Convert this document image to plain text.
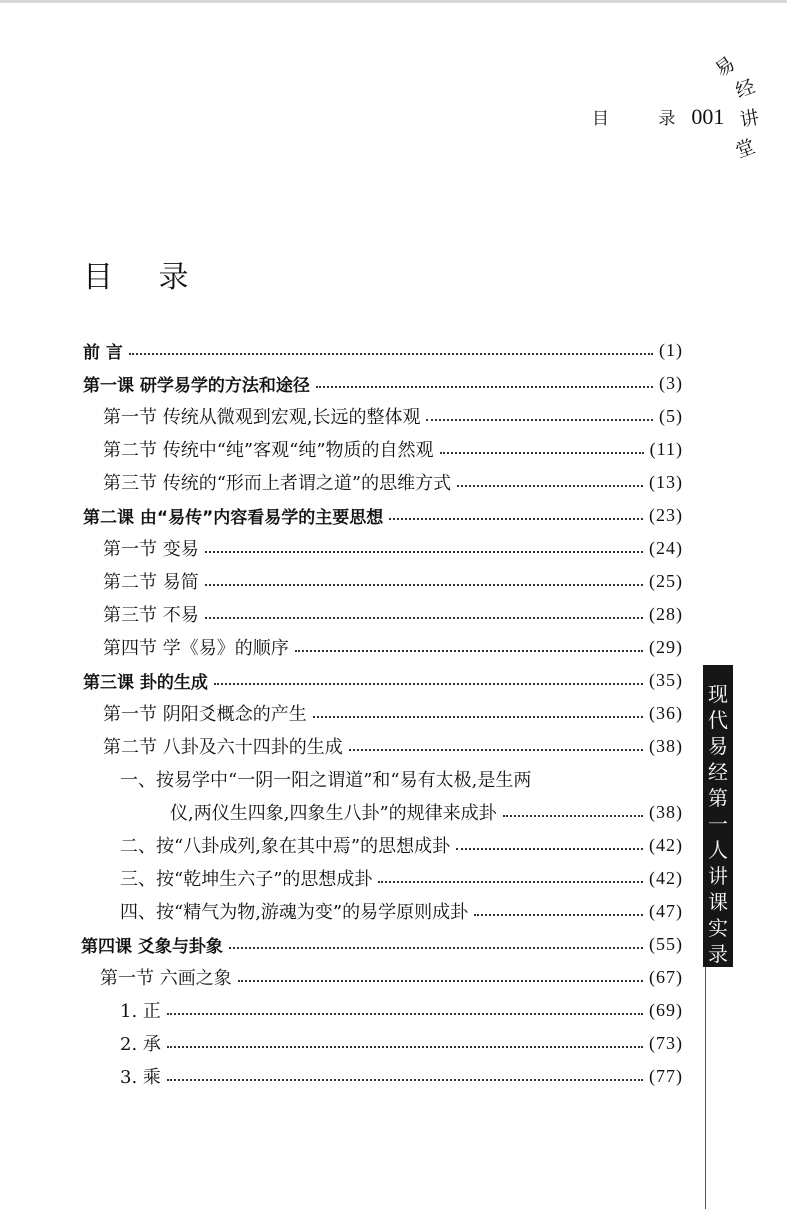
目 录
001
易
经
讲
堂
目 录
前 言	(1)
第一课 研学易学的方法和途径	(3)
第一节 传统从微观到宏观,长远的整体观	(5)
第二节 传统中“纯”客观“纯”物质的自然观	(11)
第三节 传统的“形而上者谓之道”的思维方式	(13)
第二课 由“易传”内容看易学的主要思想	(23)
第一节 变易	(24)
第二节 易简	(25)
第三节 不易	(28)
第四节 学《易》的顺序	(29)
第三课 卦的生成	(35)
第一节 阴阳爻概念的产生	(36)
第二节 八卦及六十四卦的生成	(38)
一、按易学中“一阴一阳之谓道”和“易有太极,是生两
仪,两仪生四象,四象生八卦”的规律来成卦	(38)
二、按“八卦成列,象在其中焉”的思想成卦	(42)
三、按“乾坤生六子”的思想成卦	(42)
四、按“精气为物,游魂为变”的易学原则成卦	(47)
第四课 爻象与卦象	(55)
第一节 六画之象	(67)
1. 正	(69)
2. 承	(73)
3. 乘	(77)
现
代
易
经
第
一
人
讲
课
实
录
